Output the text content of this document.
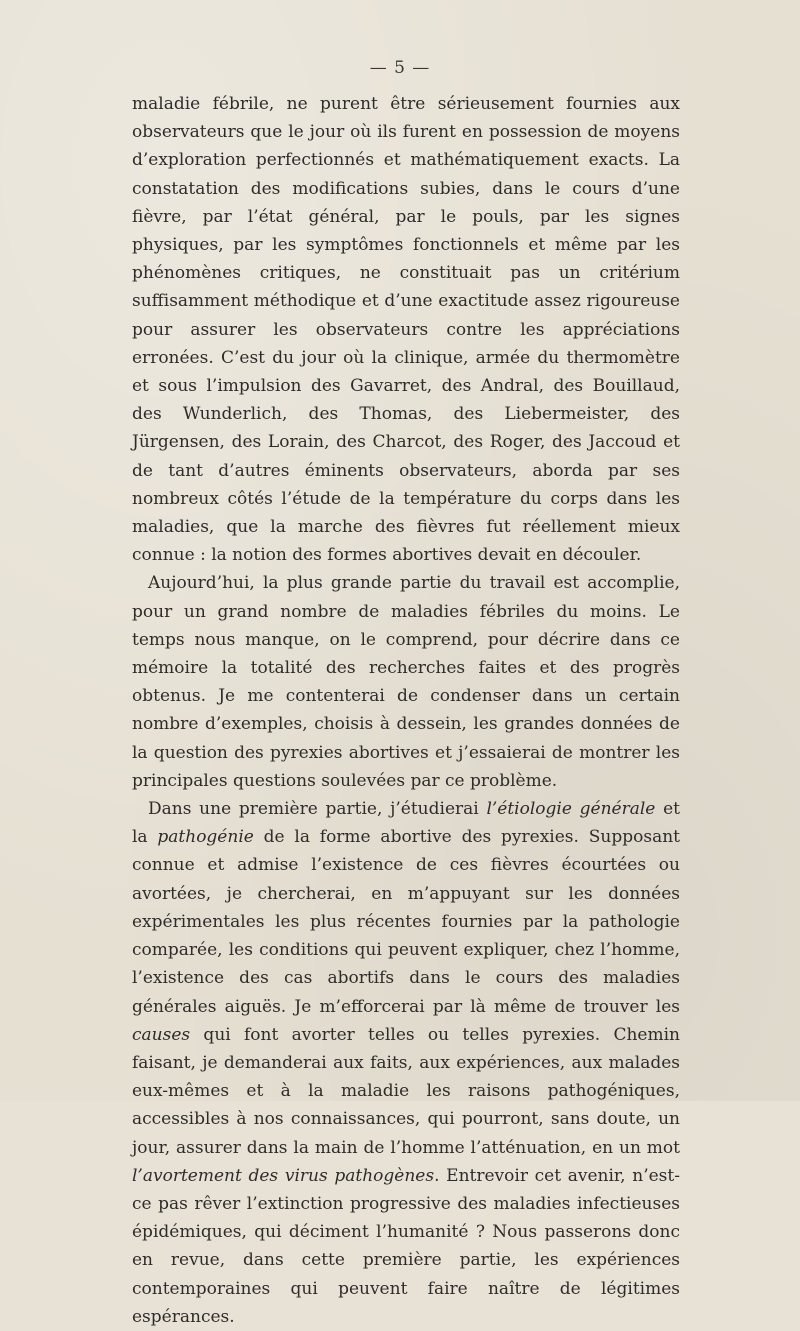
— 5 —

maladie fébrile, ne purent être sérieusement fournies aux observateurs que le jour où ils furent en possession de moyens d’exploration perfectionnés et mathématiquement exacts. La constatation des modifications subies, dans le cours d’une fièvre, par l’état général, par le pouls, par les signes physiques, par les symptômes fonctionnels et même par les phénomènes critiques, ne constituait pas un critérium suffisamment méthodique et d’une exactitude assez rigoureuse pour assurer les observateurs contre les appréciations erronées. C’est du jour où la clinique, armée du thermomètre et sous l’impulsion des Gavarret, des Andral, des Bouillaud, des Wunderlich, des Thomas, des Liebermeister, des Jürgensen, des Lorain, des Charcot, des Roger, des Jaccoud et de tant d’autres éminents observateurs, aborda par ses nombreux côtés l’étude de la température du corps dans les maladies, que la marche des fièvres fut réellement mieux connue : la notion des formes abortives devait en découler.

Aujourd’hui, la plus grande partie du travail est accomplie, pour un grand nombre de maladies fébriles du moins. Le temps nous manque, on le comprend, pour décrire dans ce mémoire la totalité des recherches faites et des progrès obtenus. Je me contenterai de condenser dans un certain nombre d’exemples, choisis à dessein, les grandes données de la question des pyrexies abortives et j’essaierai de montrer les principales questions soulevées par ce problème.

Dans une première partie, j’étudierai l’étiologie générale et la pathogénie de la forme abortive des pyrexies. Supposant connue et admise l’existence de ces fièvres écourtées ou avortées, je chercherai, en m’appuyant sur les données expérimentales les plus récentes fournies par la pathologie comparée, les conditions qui peuvent expliquer, chez l’homme, l’existence des cas abortifs dans le cours des maladies générales aiguës. Je m’efforcerai par là même de trouver les causes qui font avorter telles ou telles pyrexies. Chemin faisant, je demanderai aux faits, aux expériences, aux malades eux-mêmes et à la maladie les raisons pathogéniques, accessibles à nos connaissances, qui pourront, sans doute, un jour, assurer dans la main de l’homme l’atténuation, en un mot l’avortement des virus pathogènes. Entrevoir cet avenir, n’est-ce pas rêver l’extinction progressive des maladies infectieuses épidémiques, qui déciment l’humanité ? Nous passerons donc en revue, dans cette première partie, les expériences contemporaines qui peuvent faire naître de légitimes espérances.
